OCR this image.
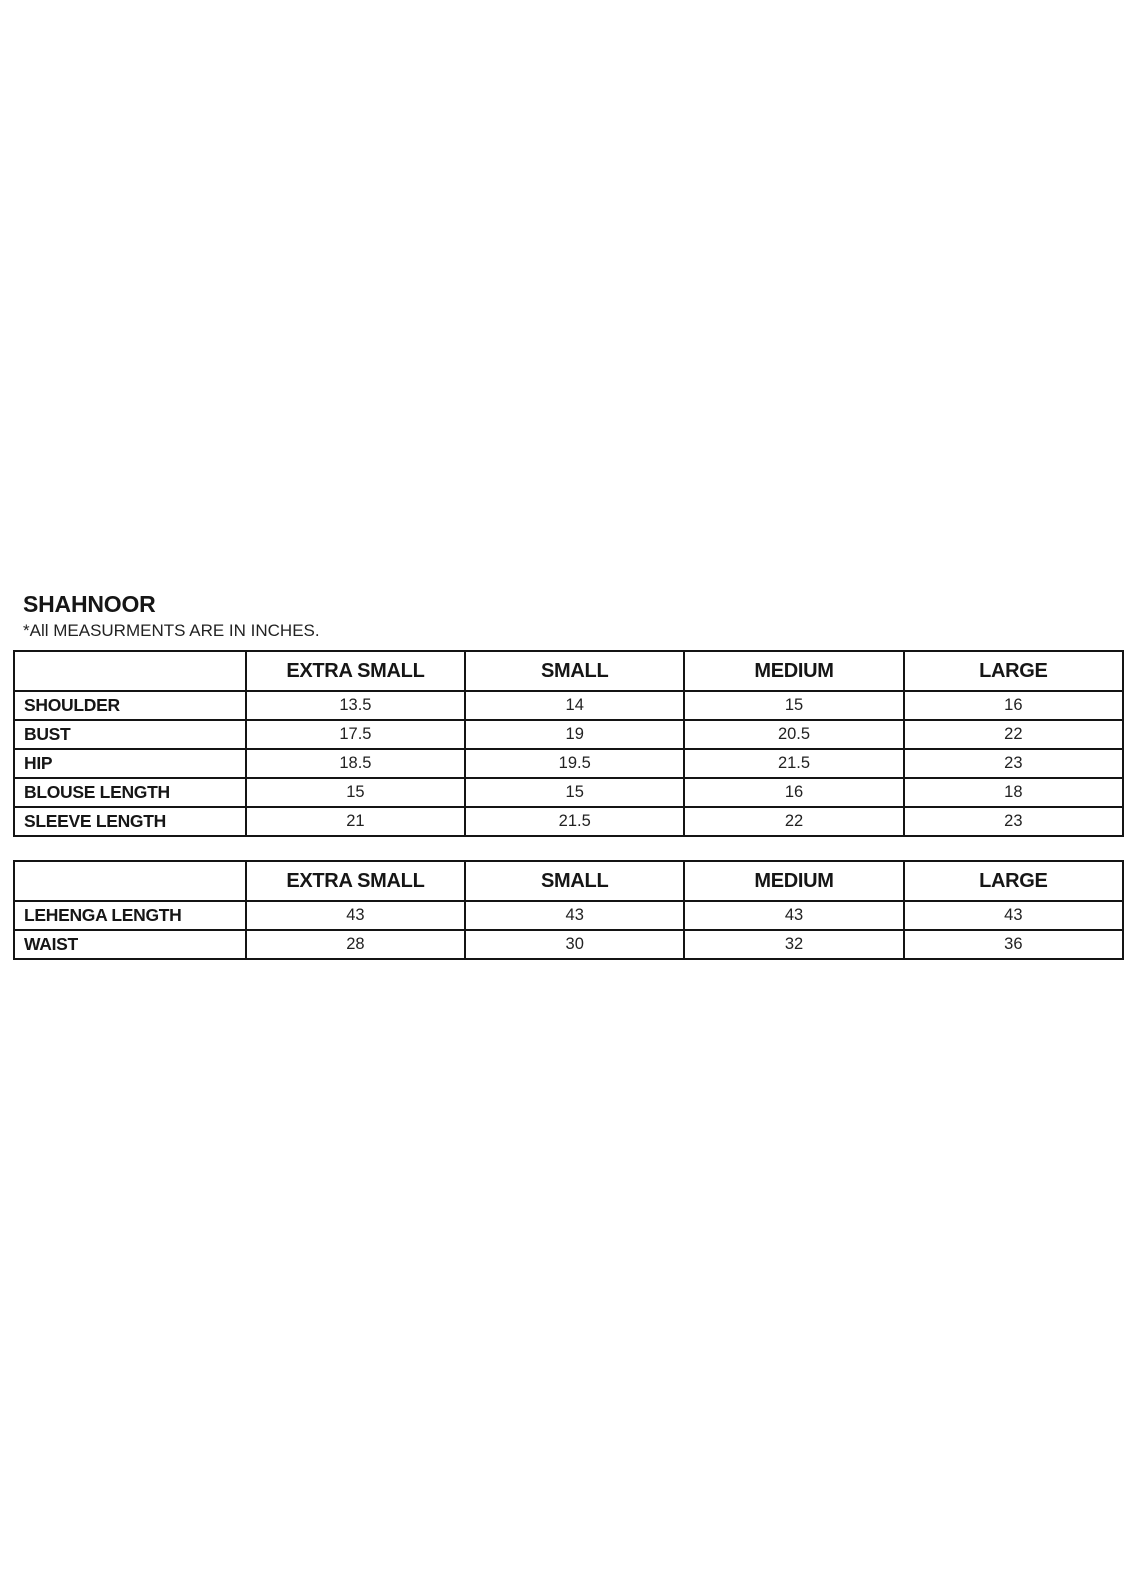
SHAHNOOR

*All MEASURMENTS ARE IN INCHES.

	EXTRA SMALL	SMALL	MEDIUM	LARGE
SHOULDER	13.5	14	15	16
BUST	17.5	19	20.5	22
HIP	18.5	19.5	21.5	23
BLOUSE LENGTH	15	15	16	18
SLEEVE LENGTH	21	21.5	22	23
	EXTRA SMALL	SMALL	MEDIUM	LARGE
LEHENGA LENGTH	43	43	43	43
WAIST	28	30	32	36
